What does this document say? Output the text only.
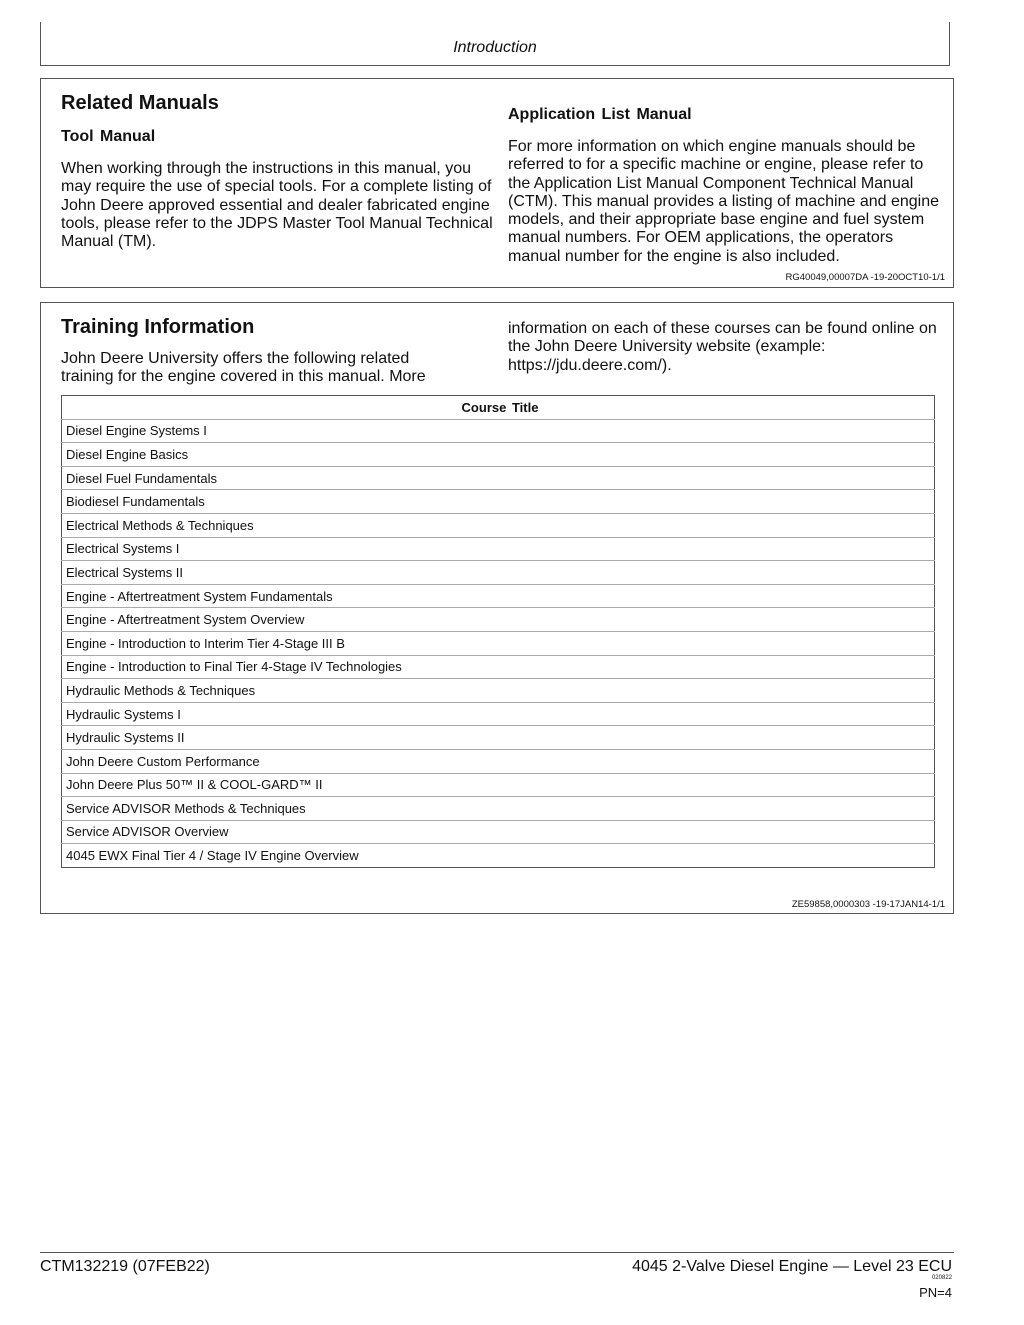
Introduction
Related Manuals
Tool Manual

When working through the instructions in this manual, you may require the use of special tools. For a complete listing of John Deere approved essential and dealer fabricated engine tools, please refer to the JDPS Master Tool Manual Technical Manual (TM).

Application List Manual

For more information on which engine manuals should be referred to for a specific machine or engine, please refer to the Application List Manual Component Technical Manual (CTM). This manual provides a listing of machine and engine models, and their appropriate base engine and fuel system manual numbers. For OEM applications, the operators manual number for the engine is also included.

RG40049,00007DA -19-20OCT10-1/1

Training Information

John Deere University offers the following related training for the engine covered in this manual. More

information on each of these courses can be found online on the John Deere University website (example: https://jdu.deere.com/).

Course Title
Diesel Engine Systems I
Diesel Engine Basics
Diesel Fuel Fundamentals
Biodiesel Fundamentals
Electrical Methods & Techniques
Electrical Systems I
Electrical Systems II
Engine - Aftertreatment System Fundamentals
Engine - Aftertreatment System Overview
Engine - Introduction to Interim Tier 4-Stage III B
Engine - Introduction to Final Tier 4-Stage IV Technologies
Hydraulic Methods & Techniques
Hydraulic Systems I
Hydraulic Systems II
John Deere Custom Performance
John Deere Plus 50™ II & COOL-GARD™ II
Service ADVISOR Methods & Techniques
Service ADVISOR Overview
4045 EWX Final Tier 4 / Stage IV Engine Overview

ZE59858,0000303 -19-17JAN14-1/1

CTM132219 (07FEB22)	4045 2-Valve Diesel Engine — Level 23 ECU
020822
PN=4
